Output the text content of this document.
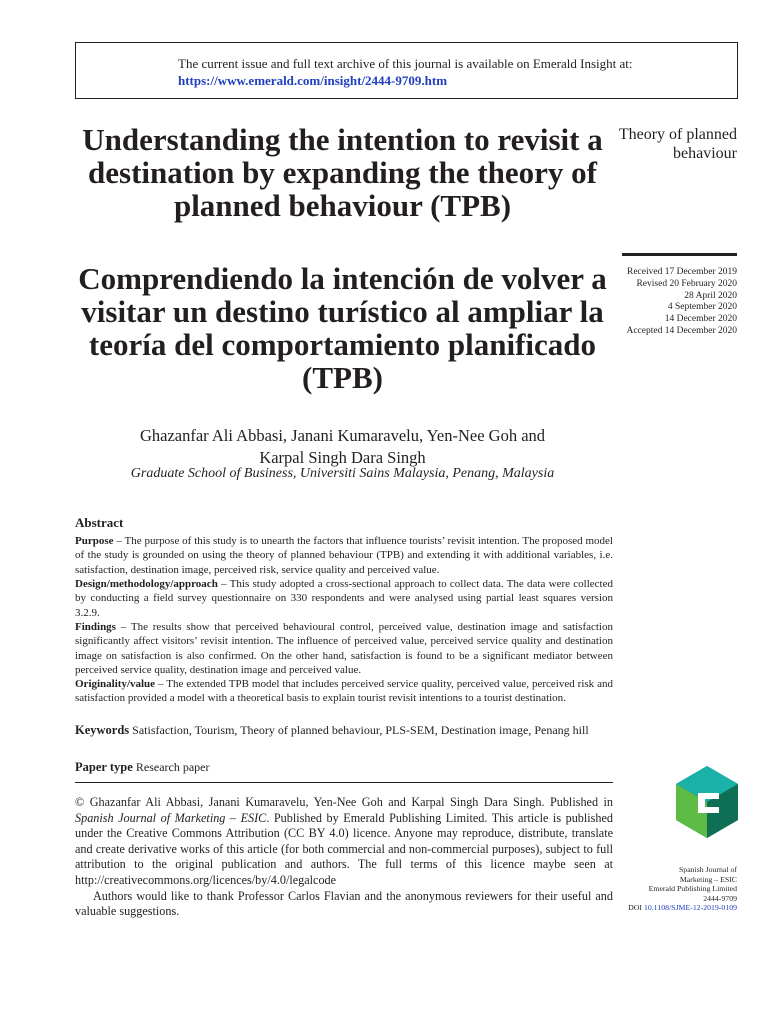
The current issue and full text archive of this journal is available on Emerald Insight at:
https://www.emerald.com/insight/2444-9709.htm
Understanding the intention to revisit a destination by expanding the theory of planned behaviour (TPB)
Comprendiendo la intención de volver a visitar un destino turístico al ampliar la teoría del comportamiento planificado (TPB)
Theory of planned behaviour
Received 17 December 2019
Revised 20 February 2020
28 April 2020
4 September 2020
14 December 2020
Accepted 14 December 2020
Ghazanfar Ali Abbasi, Janani Kumaravelu, Yen-Nee Goh and
Karpal Singh Dara Singh
Graduate School of Business, Universiti Sains Malaysia, Penang, Malaysia
Abstract
Purpose – The purpose of this study is to unearth the factors that influence tourists’ revisit intention. The proposed model of the study is grounded on using the theory of planned behaviour (TPB) and extending it with additional variables, i.e. satisfaction, destination image, perceived risk, service quality and perceived value.
Design/methodology/approach – This study adopted a cross-sectional approach to collect data. The data were collected by conducting a field survey questionnaire on 330 respondents and were analysed using partial least squares version 3.2.9.
Findings – The results show that perceived behavioural control, perceived value, destination image and satisfaction significantly affect visitors’ revisit intention. The influence of perceived value, perceived service quality and destination image on satisfaction is also confirmed. On the other hand, satisfaction is found to be a significant mediator between perceived service quality, destination image and perceived value.
Originality/value – The extended TPB model that includes perceived service quality, perceived value, perceived risk and satisfaction provided a model with a theoretical basis to explain tourist revisit intentions to a tourist destination.
Keywords Satisfaction, Tourism, Theory of planned behaviour, PLS-SEM, Destination image, Penang hill
Paper type Research paper

© Ghazanfar Ali Abbasi, Janani Kumaravelu, Yen-Nee Goh and Karpal Singh Dara Singh. Published in Spanish Journal of Marketing – ESIC. Published by Emerald Publishing Limited. This article is published under the Creative Commons Attribution (CC BY 4.0) licence. Anyone may reproduce, distribute, translate and create derivative works of this article (for both commercial and non-commercial purposes), subject to full attribution to the original publication and authors. The full terms of this licence maybe seen at http://creativecommons.org/licences/by/4.0/legalcode

Authors would like to thank Professor Carlos Flavian and the anonymous reviewers for their useful and valuable suggestions.

Spanish Journal of
Marketing – ESIC
Emerald Publishing Limited
2444-9709
DOI 10.1108/SJME-12-2019-0109
